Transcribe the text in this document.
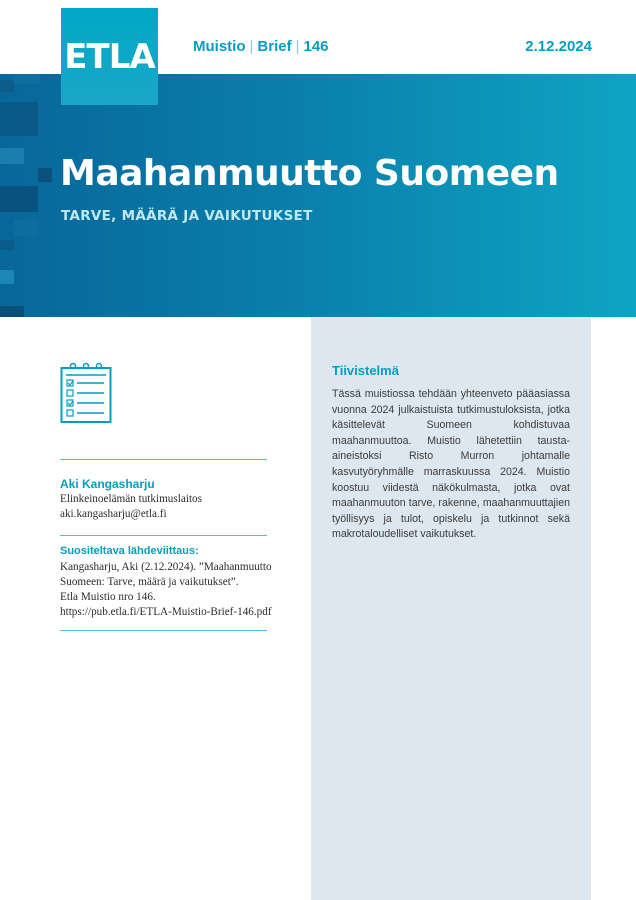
ETLA	Muistio | Brief | 146	2.12.2024
Maahanmuutto Suomeen
TARVE, MÄÄRÄ JA VAIKUTUKSET
Aki Kangasharju
Elinkeinoelämän tutkimuslaitos
aki.kangasharju@etla.fi
Suositeltava lähdeviittaus:
Kangasharju, Aki (2.12.2024). ”Maahanmuutto
Suomeen: Tarve, määrä ja vaikutukset”.
Etla Muistio nro 146.
https://pub.etla.fi/ETLA-Muistio-Brief-146.pdf
Tiivistelmä

Tässä muistiossa tehdään yhteenveto pääasiassa vuonna 2024 julkaistuista tutkimustuloksista, jotka käsittelevät Suomeen kohdistuvaa maahanmuuttoa. Muistio lähetettiin tausta-aineistoksi Risto Murron johtamalle kasvutyöryhmälle marraskuussa 2024. Muistio koostuu viidestä näkökulmasta, jotka ovat maahanmuuton tarve, rakenne, maahanmuuttajien työllisyys ja tulot, opiskelu ja tutkinnot sekä makrotaloudelliset vaikutukset.
